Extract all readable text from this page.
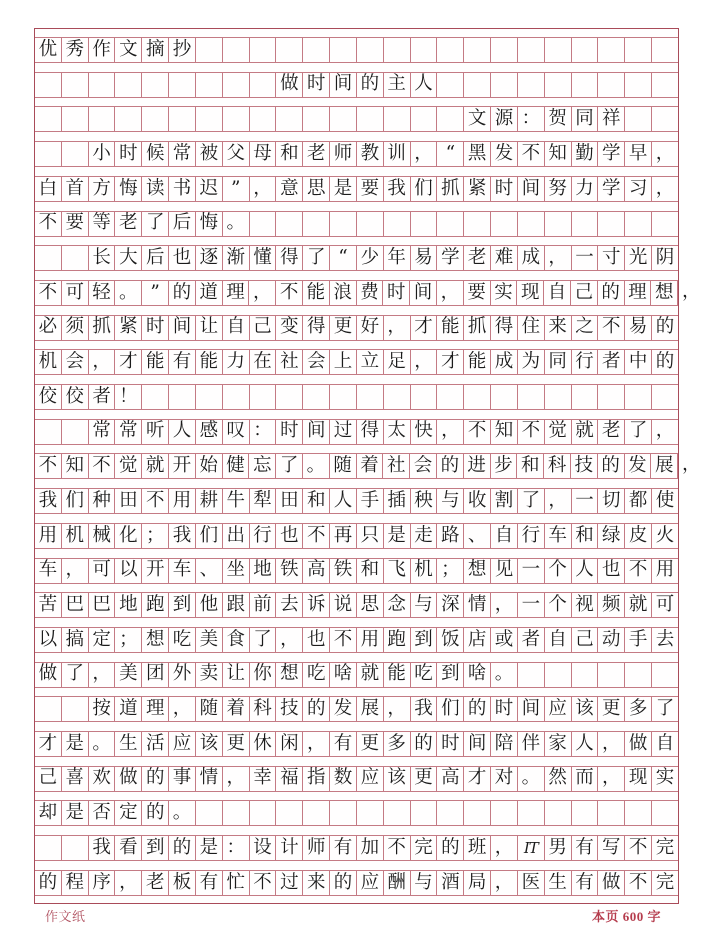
优 秀 作 文 摘 抄
做 时 间 的 主 人
文 源 ： 贺 同 祥
小 时 候 常 被 父 母 和 老 师 教 训 ， “ 黑 发 不 知 勤 学 早 ，
白 首 方 悔 读 书 迟 ” ， 意 思 是 要 我 们 抓 紧 时 间 努 力 学 习 ，
不 要 等 老 了 后 悔 。
长 大 后 也 逐 渐 懂 得 了 “ 少 年 易 学 老 难 成 ， 一 寸 光 阴
不 可 轻 。 ” 的 道 理 ， 不 能 浪 费 时 间 ， 要 实 现 自 己 的 理 想 ，
必 须 抓 紧 时 间 让 自 己 变 得 更 好 ， 才 能 抓 得 住 来 之 不 易 的
机 会 ， 才 能 有 能 力 在 社 会 上 立 足 ， 才 能 成 为 同 行 者 中 的
佼 佼 者 ！
常 常 听 人 感 叹 ： 时 间 过 得 太 快 ， 不 知 不 觉 就 老 了 ，
不 知 不 觉 就 开 始 健 忘 了 。 随 着 社 会 的 进 步 和 科 技 的 发 展 ，
我 们 种 田 不 用 耕 牛 犁 田 和 人 手 插 秧 与 收 割 了 ， 一 切 都 使
用 机 械 化 ； 我 们 出 行 也 不 再 只 是 走 路 、 自 行 车 和 绿 皮 火
车 ， 可 以 开 车 、 坐 地 铁 高 铁 和 飞 机 ； 想 见 一 个 人 也 不 用
苦 巴 巴 地 跑 到 他 跟 前 去 诉 说 思 念 与 深 情 ， 一 个 视 频 就 可
以 搞 定 ； 想 吃 美 食 了 ， 也 不 用 跑 到 饭 店 或 者 自 己 动 手 去
做 了 ， 美 团 外 卖 让 你 想 吃 啥 就 能 吃 到 啥 。
按 道 理 ， 随 着 科 技 的 发 展 ， 我 们 的 时 间 应 该 更 多 了
才 是 。 生 活 应 该 更 休 闲 ， 有 更 多 的 时 间 陪 伴 家 人 ， 做 自
己 喜 欢 做 的 事 情 ， 幸 福 指 数 应 该 更 高 才 对 。 然 而 ， 现 实
却 是 否 定 的 。
我 看 到 的 是 ： 设 计 师 有 加 不 完 的 班 ， IT 男 有 写 不 完
的 程 序 ， 老 板 有 忙 不 过 来 的 应 酬 与 酒 局 ， 医 生 有 做 不 完
作文纸	本页 600 字
